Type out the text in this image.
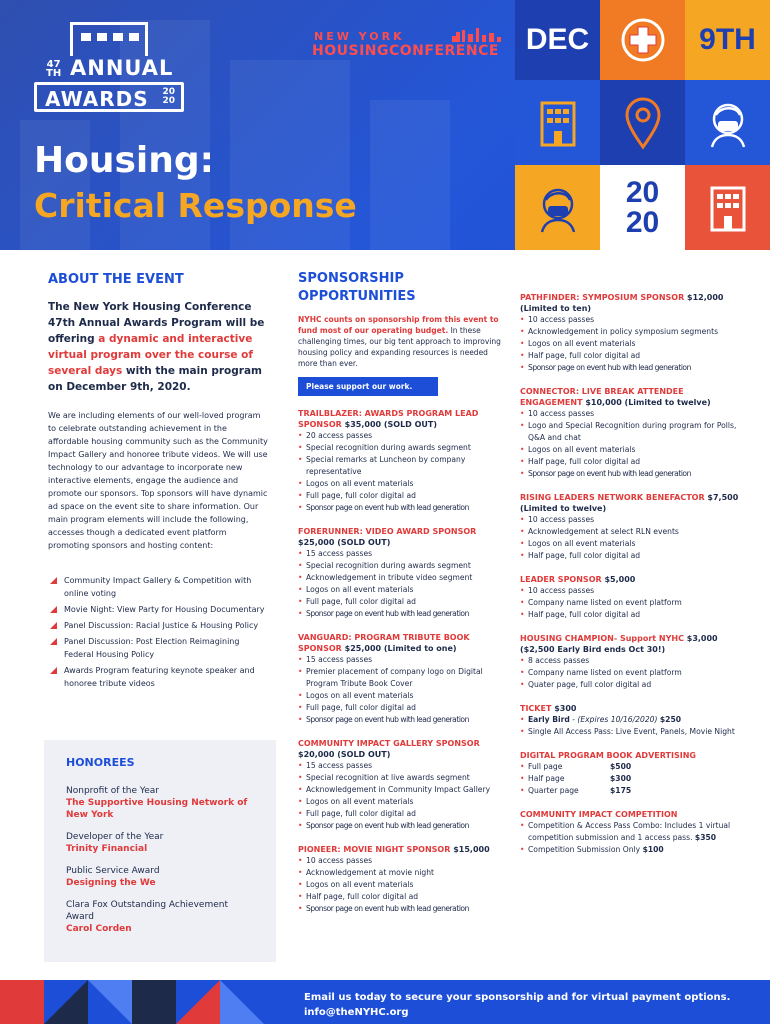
47
TH ANNUAL
AWARDS 20
20
NEW YORK
HOUSINGCONFERENCE
Housing:
Critical Response
DEC	9TH
20
20
ABOUT THE EVENT
The New York Housing Conference 47th Annual Awards Program will be offering a dynamic and interactive virtual program over the course of several days with the main program on December 9th, 2020.
We are including elements of our well-loved program to celebrate outstanding achievement in the affordable housing community such as the Community Impact Gallery and honoree tribute videos. We will use technology to our advantage to incorporate new interactive elements, engage the audience and promote our sponsors. Top sponsors will have dynamic ad space on the event site to share information. Our main program elements will include the following, accesses though a dedicated event platform promoting sponsors and hosting content:
Community Impact Gallery & Competition with online voting
Movie Night: View Party for Housing Documentary
Panel Discussion: Racial Justice & Housing Policy
Panel Discussion: Post Election Reimagining Federal Housing Policy
Awards Program featuring keynote speaker and honoree tribute videos
HONOREES
Nonprofit of the Year
The Supportive Housing Network of New York
Developer of the Year
Trinity Financial
Public Service Award
Designing the We
Clara Fox Outstanding Achievement Award
Carol Corden
SPONSORSHIP OPPORTUNITIES
NYHC counts on sponsorship from this event to fund most of our operating budget. In these challenging times, our big tent approach to improving housing policy and expanding resources is needed more than ever.
Please support our work.
TRAILBLAZER: AWARDS PROGRAM LEAD SPONSOR $35,000 (SOLD OUT)
• 20 access passes
• Special recognition during awards segment
• Special remarks at Luncheon by company representative
• Logos on all event materials
• Full page, full color digital ad
• Sponsor page on event hub with lead generation
FORERUNNER: VIDEO AWARD SPONSOR $25,000 (SOLD OUT)
• 15 access passes
• Special recognition during awards segment
• Acknowledgement in tribute video segment
• Logos on all event materials
• Full page, full color digital ad
• Sponsor page on event hub with lead generation
VANGUARD: PROGRAM TRIBUTE BOOK SPONSOR $25,000 (Limited to one)
• 15 access passes
• Premier placement of company logo on Digital Program Tribute Book Cover
• Logos on all event materials
• Full page, full color digital ad
• Sponsor page on event hub with lead generation
COMMUNITY IMPACT GALLERY SPONSOR $20,000 (SOLD OUT)
• 15 access passes
• Special recognition at live awards segment
• Acknowledgement in Community Impact Gallery
• Logos on all event materials
• Full page, full color digital ad
• Sponsor page on event hub with lead generation
PIONEER: MOVIE NIGHT SPONSOR $15,000
• 10 access passes
• Acknowledgement at movie night
• Logos on all event materials
• Half page, full color digital ad
• Sponsor page on event hub with lead generation
PATHFINDER: SYMPOSIUM SPONSOR $12,000 (Limited to ten)
• 10 access passes
• Acknowledgement in policy symposium segments
• Logos on all event materials
• Half page, full color digital ad
• Sponsor page on event hub with lead generation
CONNECTOR: LIVE BREAK ATTENDEE ENGAGEMENT $10,000 (Limited to twelve)
• 10 access passes
• Logo and Special Recognition during program for Polls, Q&A and chat
• Logos on all event materials
• Half page, full color digital ad
• Sponsor page on event hub with lead generation
RISING LEADERS NETWORK BENEFACTOR $7,500 (Limited to twelve)
• 10 access passes
• Acknowledgement at select RLN events
• Logos on all event materials
• Half page, full color digital ad
LEADER SPONSOR $5,000
• 10 access passes
• Company name listed on event platform
• Half page, full color digital ad
HOUSING CHAMPION- Support NYHC $3,000 ($2,500 Early Bird ends Oct 30!)
• 8 access passes
• Company name listed on event platform
• Quater page, full color digital ad
TICKET $300
• Early Bird - (Expires 10/16/2020) $250
• Single All Access Pass: Live Event, Panels, Movie Night
DIGITAL PROGRAM BOOK ADVERTISING
• Full page	$500
• Half page	$300
• Quarter page	$175
COMMUNITY IMPACT COMPETITION
• Competition & Access Pass Combo: Includes 1 virtual competition submission and 1 access pass. $350
• Competition Submission Only $100
Email us today to secure your sponsorship and for virtual payment options.
info@theNYHC.org
